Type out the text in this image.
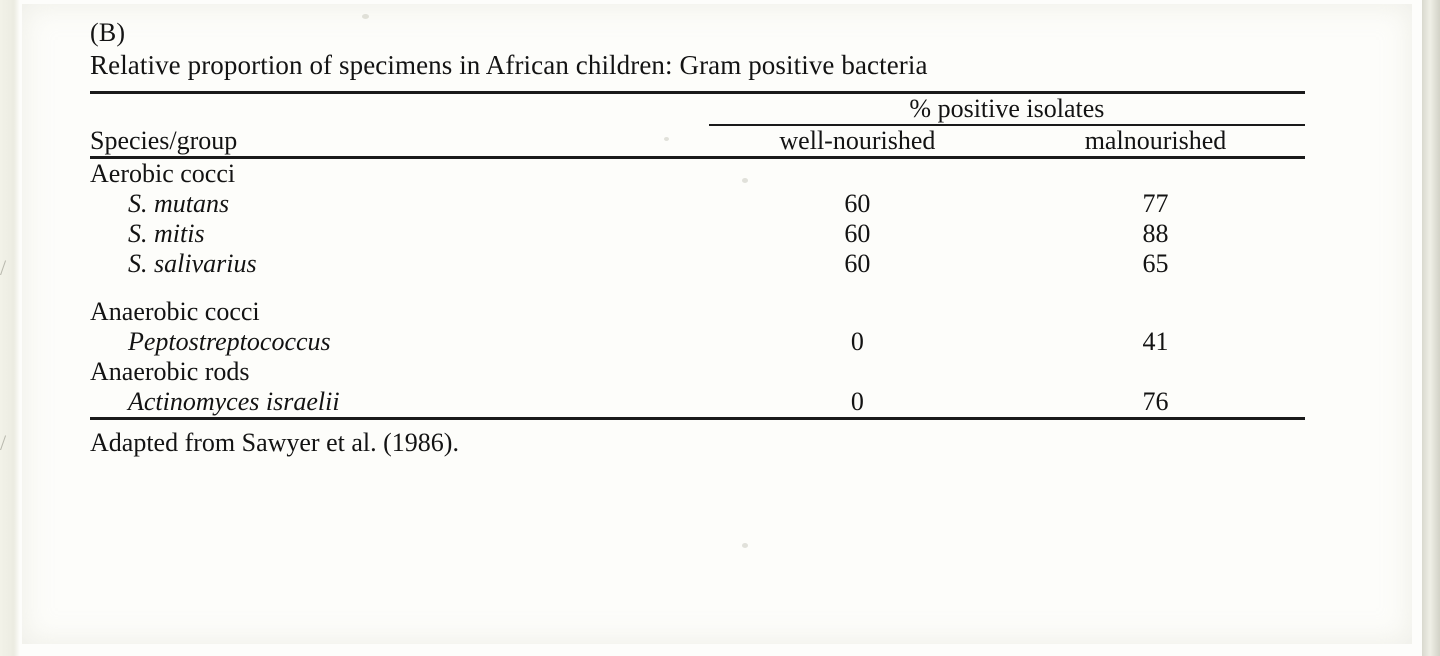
/
/
(B)
Relative proportion of specimens in African children: Gram positive bacteria
	% positive isolates	
Species/group	well-nourished	malnourished
Aerobic cocci		
S. mutans	60	77
S. mitis	60	88
S. salivarius	60	65

Anaerobic cocci		
Peptostreptococcus	0	41
Anaerobic rods		
Actinomyces israelii	0	76

Adapted from Sawyer et al. (1986).
